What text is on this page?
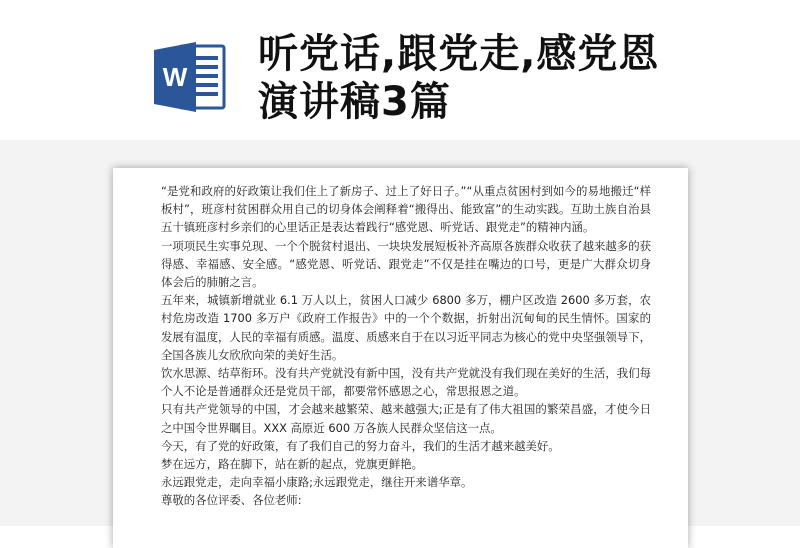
W 听党话,跟党走,感党恩演讲稿3篇

“是党和政府的好政策让我们住上了新房子、过上了好日子。”“从重点贫困村到如今的易地搬迁“样板村”，班彦村贫困群众用自己的切身体会阐释着“搬得出、能致富”的生动实践。互助土族自治县五十镇班彦村乡亲们的心里话正是表达着践行“感党恩、听党话、跟党走”的精神内涵。

一项项民生实事兑现、一个个脱贫村退出、一块块发展短板补齐高原各族群众收获了越来越多的获得感、幸福感、安全感。“感党恩、听党话、跟党走”不仅是挂在嘴边的口号，更是广大群众切身体会后的肺腑之言。

五年来，城镇新增就业 6.1 万人以上，贫困人口减少 6800 多万，棚户区改造 2600 多万套，农村危房改造 1700 多万户《政府工作报告》中的一个个数据，折射出沉甸甸的民生情怀。国家的发展有温度，人民的幸福有质感。温度、质感来自于在以习近平同志为核心的党中央坚强领导下，全国各族儿女欣欣向荣的美好生活。

饮水思源、结草衔环。没有共产党就没有新中国，没有共产党就没有我们现在美好的生活，我们每个人不论是普通群众还是党员干部，都要常怀感恩之心，常思报恩之道。

只有共产党领导的中国，才会越来越繁荣、越来越强大;正是有了伟大祖国的繁荣昌盛，才使今日之中国令世界瞩目。XXX 高原近 600 万各族人民群众坚信这一点。

今天，有了党的好政策，有了我们自己的努力奋斗，我们的生活才越来越美好。

梦在远方，路在脚下，站在新的起点，党旗更鲜艳。

永远跟党走，走向幸福小康路;永远跟党走，继往开来谱华章。

尊敬的各位评委、各位老师:
